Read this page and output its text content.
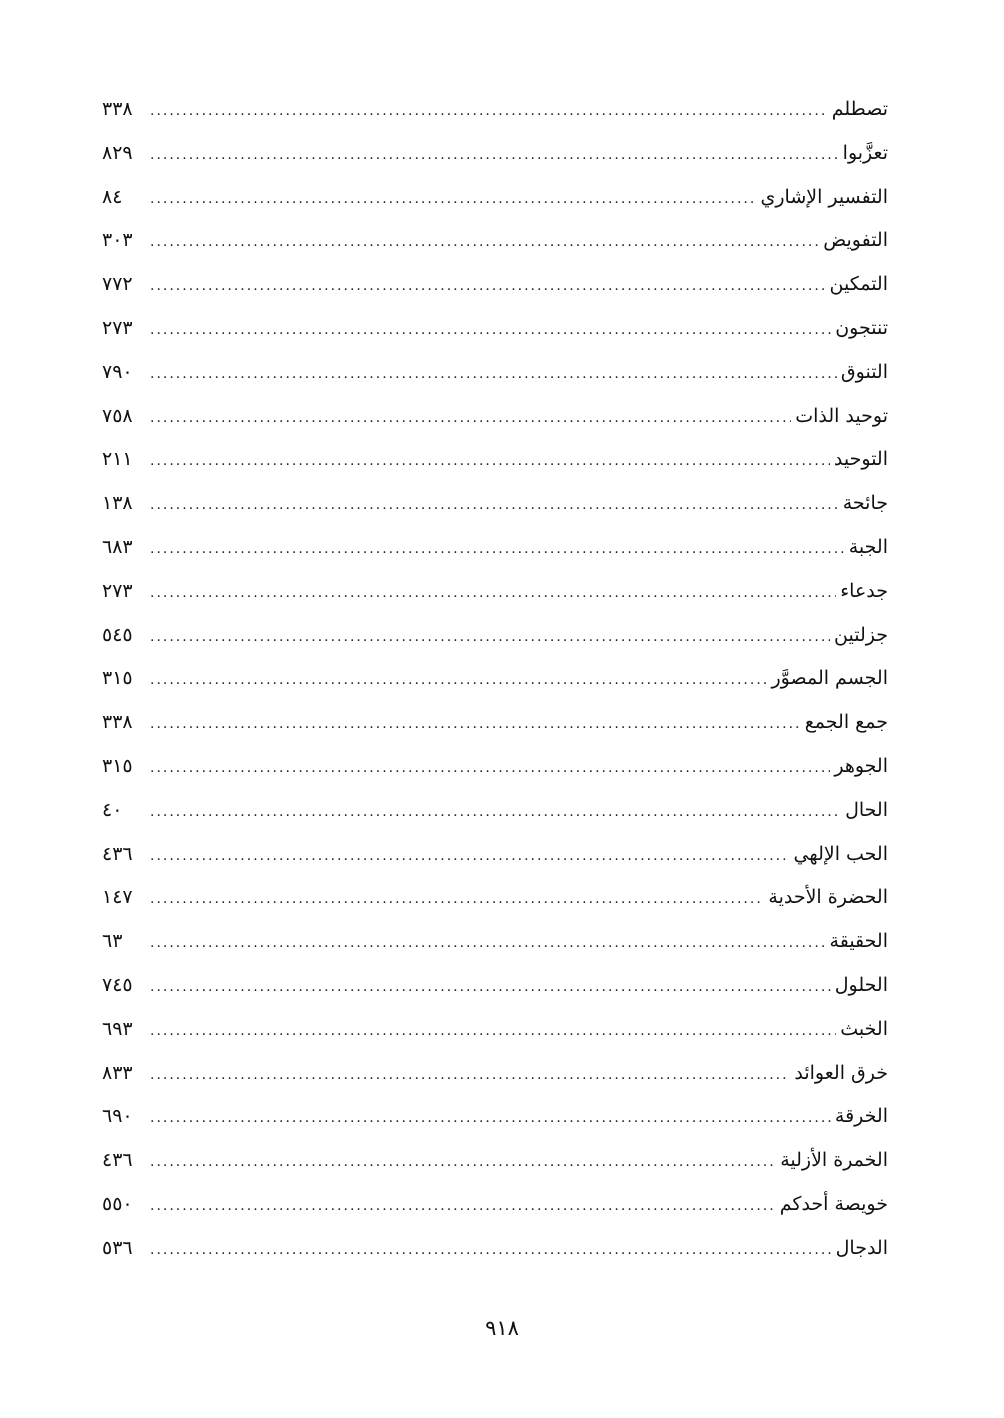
تصطلم
.....
٣٣٨
تعزَّبوا
.....
٨٢٩
التفسير الإشاري
.....
٨٤
التفويض
.....
٣٠٣
التمكين
.....
٧٧٢
تنتجون
.....
٢٧٣
التنوق
.....
٧٩٠
توحيد الذات
.....
٧٥٨
التوحيد
.....
٢١١
جائحة
.....
١٣٨
الجبة
.....
٦٨٣
جدعاء
.....
٢٧٣
جزلتين
.....
٥٤٥
الجسم المصوَّر
.....
٣١٥
جمع الجمع
.....
٣٣٨
الجوهر
.....
٣١٥
الحال
.....
٤٠
الحب الإلهي
.....
٤٣٦
الحضرة الأحدية
.....
١٤٧
الحقيقة
.....
٦٣
الحلول
.....
٧٤٥
الخبث
.....
٦٩٣
خرق العوائد
.....
٨٣٣
الخرقة
.....
٦٩٠
الخمرة الأزلية
.....
٤٣٦
خويصة أحدكم
.....
٥٥٠
الدجال
.....
٥٣٦
٩١٨
